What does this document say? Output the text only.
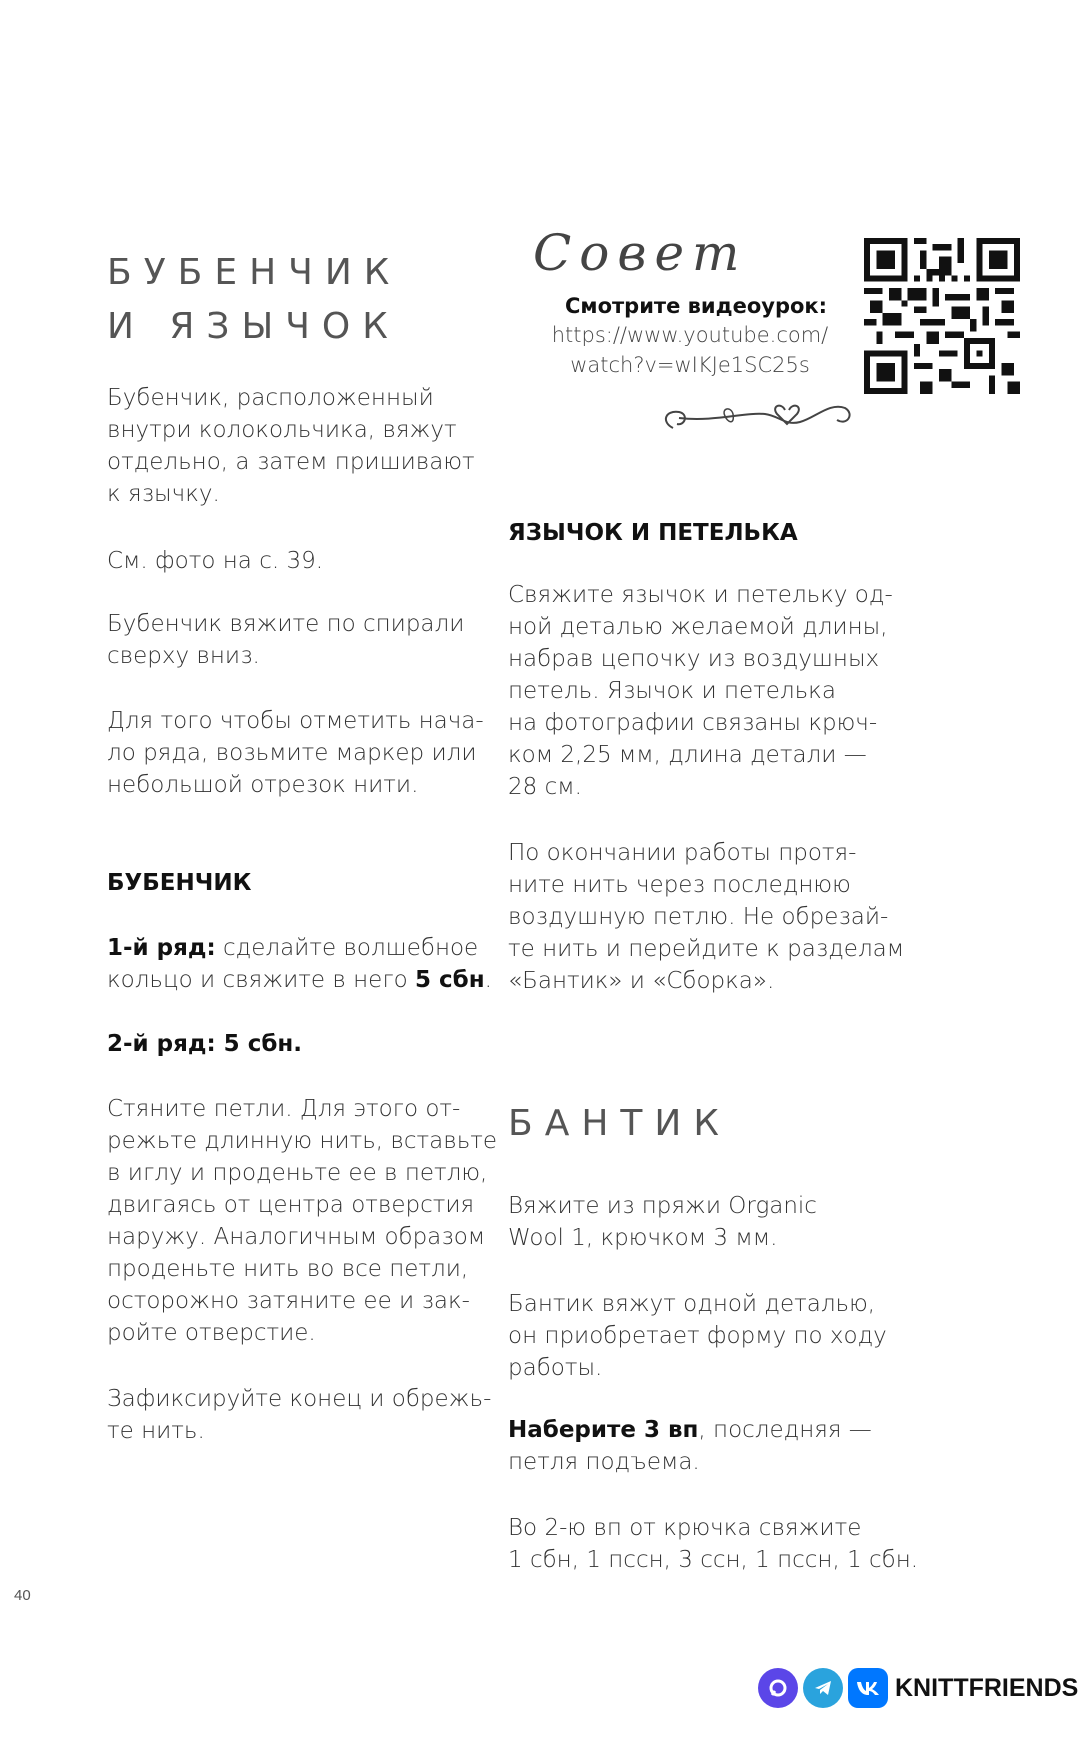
БУБЕНЧИК
И ЯЗЫЧОК

Бубенчик, расположенный
внутри колокольчика, вяжут
отдельно, а затем пришивают
к язычку.

См. фото на с. 39.

Бубенчик вяжите по спирали
сверху вниз.

Для того чтобы отметить нача-
ло ряда, возьмите маркер или
небольшой отрезок нити.

БУБЕНЧИК

1-й ряд: сделайте волшебное
кольцо и свяжите в него 5 сбн.

2-й ряд: 5 сбн.

Стяните петли. Для этого от-
режьте длинную нить, вставьте
в иглу и проденьте ее в петлю,
двигаясь от центра отверстия
наружу. Аналогичным образом
проденьте нить во все петли,
осторожно затяните ее и зак-
ройте отверстие.

Зафиксируйте конец и обрежь-
те нить.

Совет
Смотрите видеоурок:
https://www.youtube.com/
watch?v=wIKJe1SC25s
ЯЗЫЧОК И ПЕТЕЛЬКА

Свяжите язычок и петельку од-
ной деталью желаемой длины,
набрав цепочку из воздушных
петель. Язычок и петелька
на фотографии связаны крюч-
ком 2,25 мм, длина детали —
28 см.

По окончании работы протя-
ните нить через последнюю
воздушную петлю. Не обрезай-
те нить и перейдите к разделам
«Бантик» и «Сборка».

БАНТИК

Вяжите из пряжи Organic
Wool 1, крючком 3 мм.

Бантик вяжут одной деталью,
он приобретает форму по ходу
работы.

Наберите 3 вп, последняя —
петля подъема.

Во 2-ю вп от крючка свяжите
1 сбн, 1 пссн, 3 ссн, 1 пссн, 1 сбн.

40
KNITTFRIENDS
